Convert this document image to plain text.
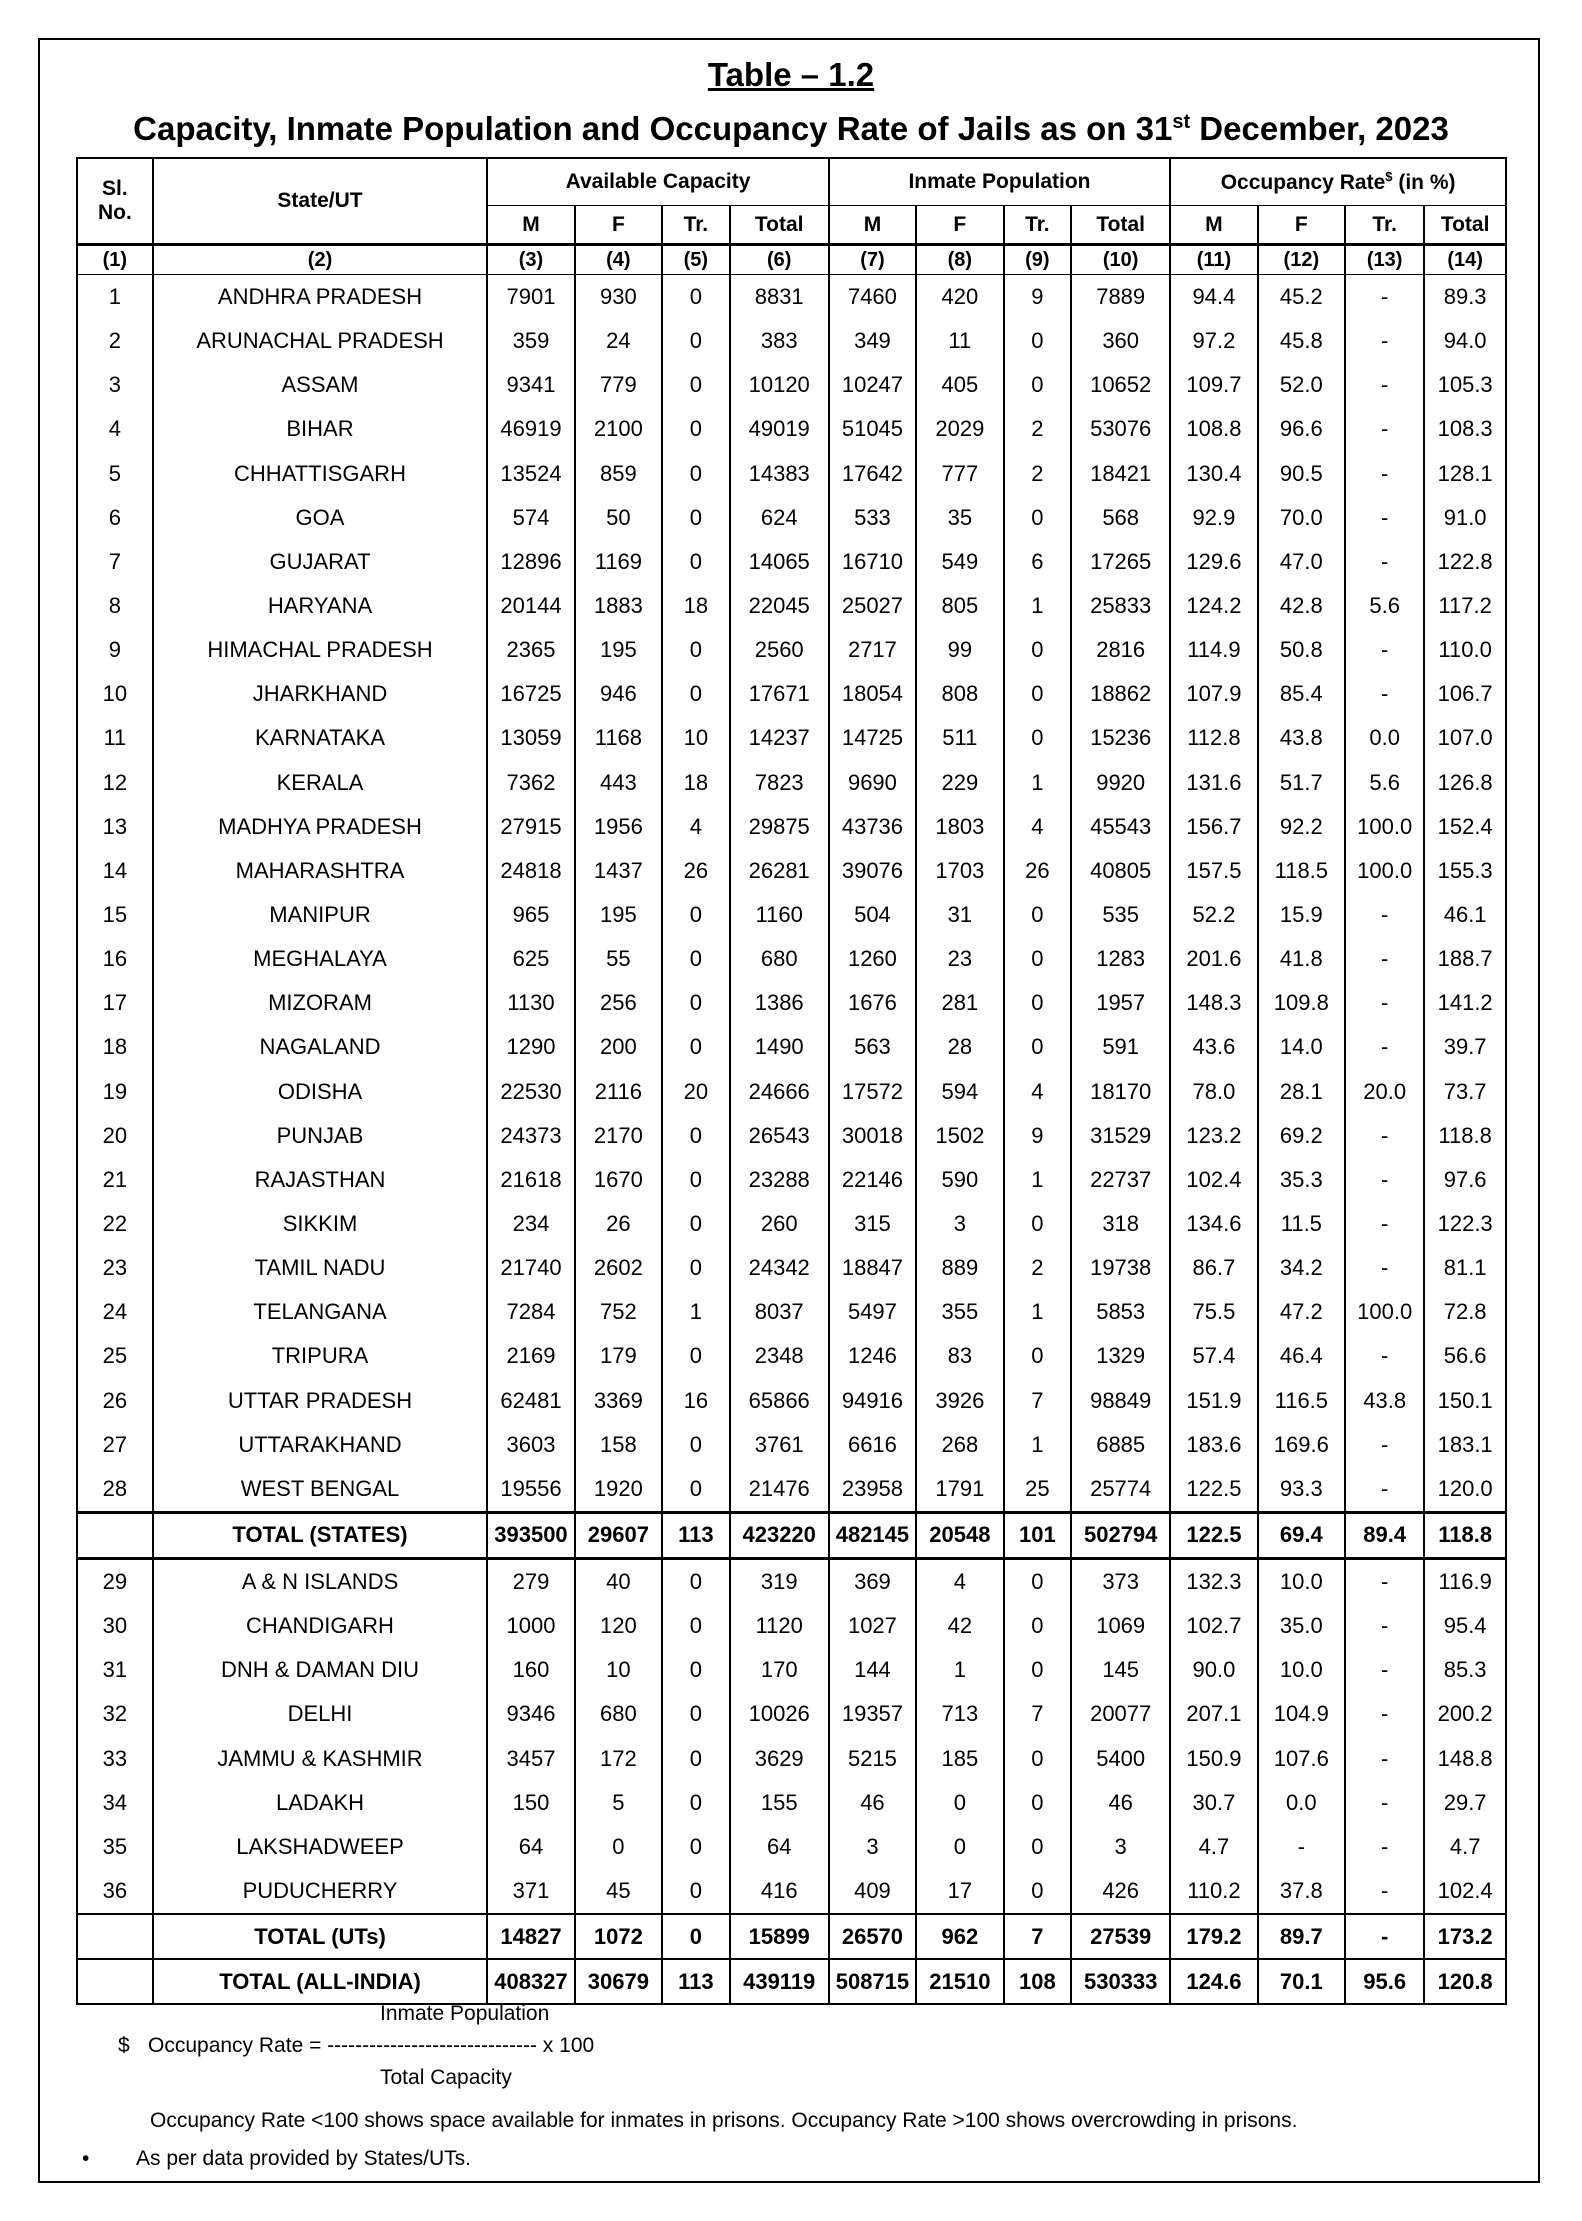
Table – 1.2
Capacity, Inmate Population and Occupancy Rate of Jails as on 31st December, 2023
Sl. No.	State/UT	Available Capacity				Inmate Population				Occupancy Rate$ (in %)			
		M	F	Tr.	Total	M	F	Tr.	Total	M	F	Tr.	Total
(1)	(2)	(3)	(4)	(5)	(6)	(7)	(8)	(9)	(10)	(11)	(12)	(13)	(14)
1	ANDHRA PRADESH	7901	930	0	8831	7460	420	9	7889	94.4	45.2	-	89.3
2	ARUNACHAL PRADESH	359	24	0	383	349	11	0	360	97.2	45.8	-	94.0
3	ASSAM	9341	779	0	10120	10247	405	0	10652	109.7	52.0	-	105.3
4	BIHAR	46919	2100	0	49019	51045	2029	2	53076	108.8	96.6	-	108.3
5	CHHATTISGARH	13524	859	0	14383	17642	777	2	18421	130.4	90.5	-	128.1
6	GOA	574	50	0	624	533	35	0	568	92.9	70.0	-	91.0
7	GUJARAT	12896	1169	0	14065	16710	549	6	17265	129.6	47.0	-	122.8
8	HARYANA	20144	1883	18	22045	25027	805	1	25833	124.2	42.8	5.6	117.2
9	HIMACHAL PRADESH	2365	195	0	2560	2717	99	0	2816	114.9	50.8	-	110.0
10	JHARKHAND	16725	946	0	17671	18054	808	0	18862	107.9	85.4	-	106.7
11	KARNATAKA	13059	1168	10	14237	14725	511	0	15236	112.8	43.8	0.0	107.0
12	KERALA	7362	443	18	7823	9690	229	1	9920	131.6	51.7	5.6	126.8
13	MADHYA PRADESH	27915	1956	4	29875	43736	1803	4	45543	156.7	92.2	100.0	152.4
14	MAHARASHTRA	24818	1437	26	26281	39076	1703	26	40805	157.5	118.5	100.0	155.3
15	MANIPUR	965	195	0	1160	504	31	0	535	52.2	15.9	-	46.1
16	MEGHALAYA	625	55	0	680	1260	23	0	1283	201.6	41.8	-	188.7
17	MIZORAM	1130	256	0	1386	1676	281	0	1957	148.3	109.8	-	141.2
18	NAGALAND	1290	200	0	1490	563	28	0	591	43.6	14.0	-	39.7
19	ODISHA	22530	2116	20	24666	17572	594	4	18170	78.0	28.1	20.0	73.7
20	PUNJAB	24373	2170	0	26543	30018	1502	9	31529	123.2	69.2	-	118.8
21	RAJASTHAN	21618	1670	0	23288	22146	590	1	22737	102.4	35.3	-	97.6
22	SIKKIM	234	26	0	260	315	3	0	318	134.6	11.5	-	122.3
23	TAMIL NADU	21740	2602	0	24342	18847	889	2	19738	86.7	34.2	-	81.1
24	TELANGANA	7284	752	1	8037	5497	355	1	5853	75.5	47.2	100.0	72.8
25	TRIPURA	2169	179	0	2348	1246	83	0	1329	57.4	46.4	-	56.6
26	UTTAR PRADESH	62481	3369	16	65866	94916	3926	7	98849	151.9	116.5	43.8	150.1
27	UTTARAKHAND	3603	158	0	3761	6616	268	1	6885	183.6	169.6	-	183.1
28	WEST BENGAL	19556	1920	0	21476	23958	1791	25	25774	122.5	93.3	-	120.0
	TOTAL (STATES)	393500	29607	113	423220	482145	20548	101	502794	122.5	69.4	89.4	118.8
29	A & N ISLANDS	279	40	0	319	369	4	0	373	132.3	10.0	-	116.9
30	CHANDIGARH	1000	120	0	1120	1027	42	0	1069	102.7	35.0	-	95.4
31	DNH & DAMAN DIU	160	10	0	170	144	1	0	145	90.0	10.0	-	85.3
32	DELHI	9346	680	0	10026	19357	713	7	20077	207.1	104.9	-	200.2
33	JAMMU & KASHMIR	3457	172	0	3629	5215	185	0	5400	150.9	107.6	-	148.8
34	LADAKH	150	5	0	155	46	0	0	46	30.7	0.0	-	29.7
35	LAKSHADWEEP	64	0	0	64	3	0	0	3	4.7	-	-	4.7
36	PUDUCHERRY	371	45	0	416	409	17	0	426	110.2	37.8	-	102.4
	TOTAL (UTs)	14827	1072	0	15899	26570	962	7	27539	179.2	89.7	-	173.2
	TOTAL (ALL-INDIA)	408327	30679	113	439119	508715	21510	108	530333	124.6	70.1	95.6	120.8
Inmate Population
$ Occupancy Rate = ------------------------------ x 100
Total Capacity
Occupancy Rate <100 shows space available for inmates in prisons. Occupancy Rate >100 shows overcrowding in prisons.
• As per data provided by States/UTs.
